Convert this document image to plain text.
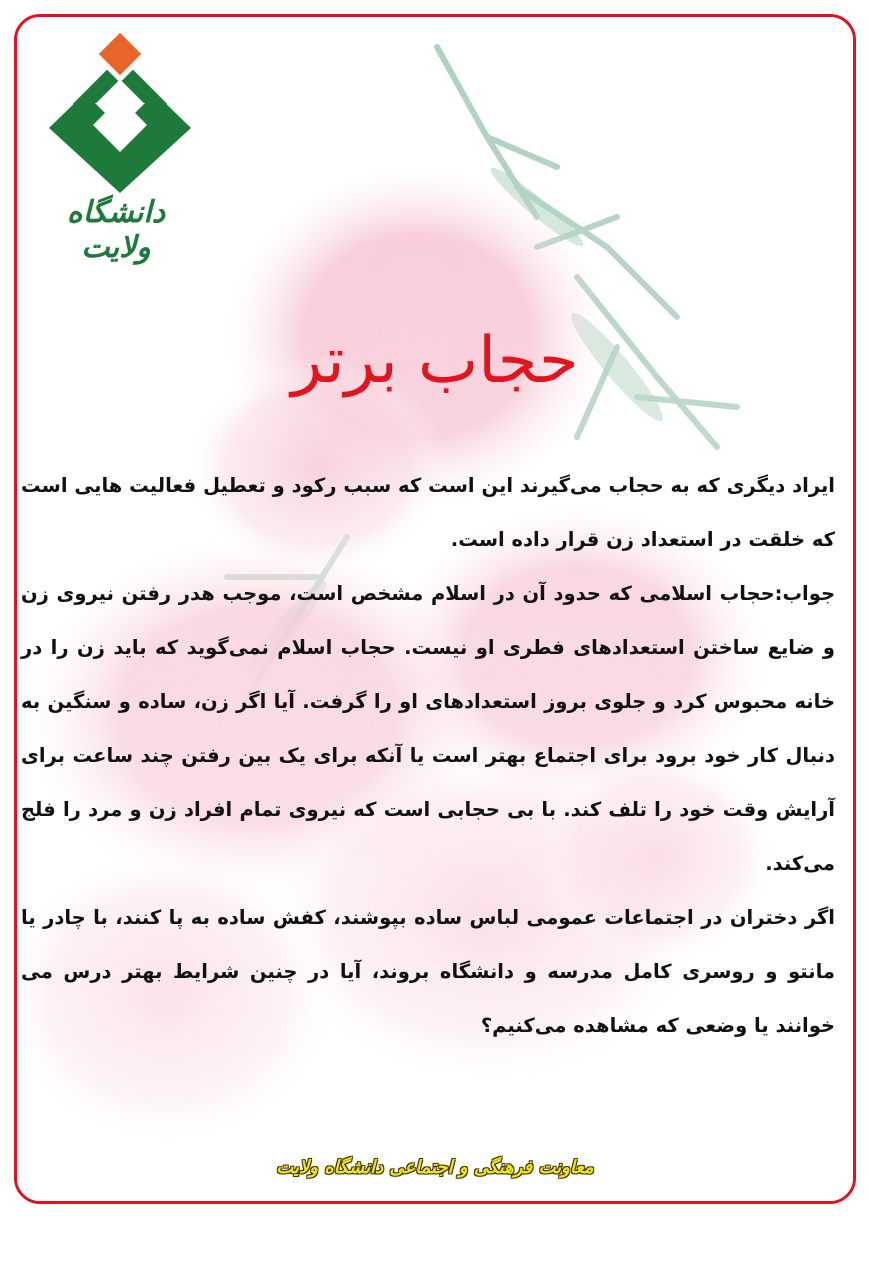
دانشگاه ولایت
حجاب برتر

ایراد دیگری که به حجاب می‌گیرند این است که سبب رکود و تعطیل فعالیت هایی است که خلقت در استعداد زن قرار داده است.

جواب:حجاب اسلامی که حدود آن در اسلام مشخص است، موجب هدر رفتن نیروی زن و ضایع ساختن استعدادهای فطری او نیست. حجاب اسلام نمی‌گوید که باید زن را در خانه محبوس کرد و جلوی بروز استعدادهای او را گرفت. آیا اگر زن، ساده و سنگین به دنبال کار خود برود برای اجتماع بهتر است یا آنکه برای یک بین رفتن چند ساعت برای آرایش وقت خود را تلف کند. با بی حجابی است که نیروی تمام افراد زن و مرد را فلج می‌کند.

اگر دختران در اجتماعات عمومی لباس ساده بپوشند، کفش ساده به پا کنند، با چادر یا مانتو و روسری کامل مدرسه و دانشگاه بروند، آیا در چنین شرایط بهتر درس می خوانند یا وضعی که مشاهده می‌کنیم؟

معاونت فرهنگی و اجتماعی دانشگاه ولایت
